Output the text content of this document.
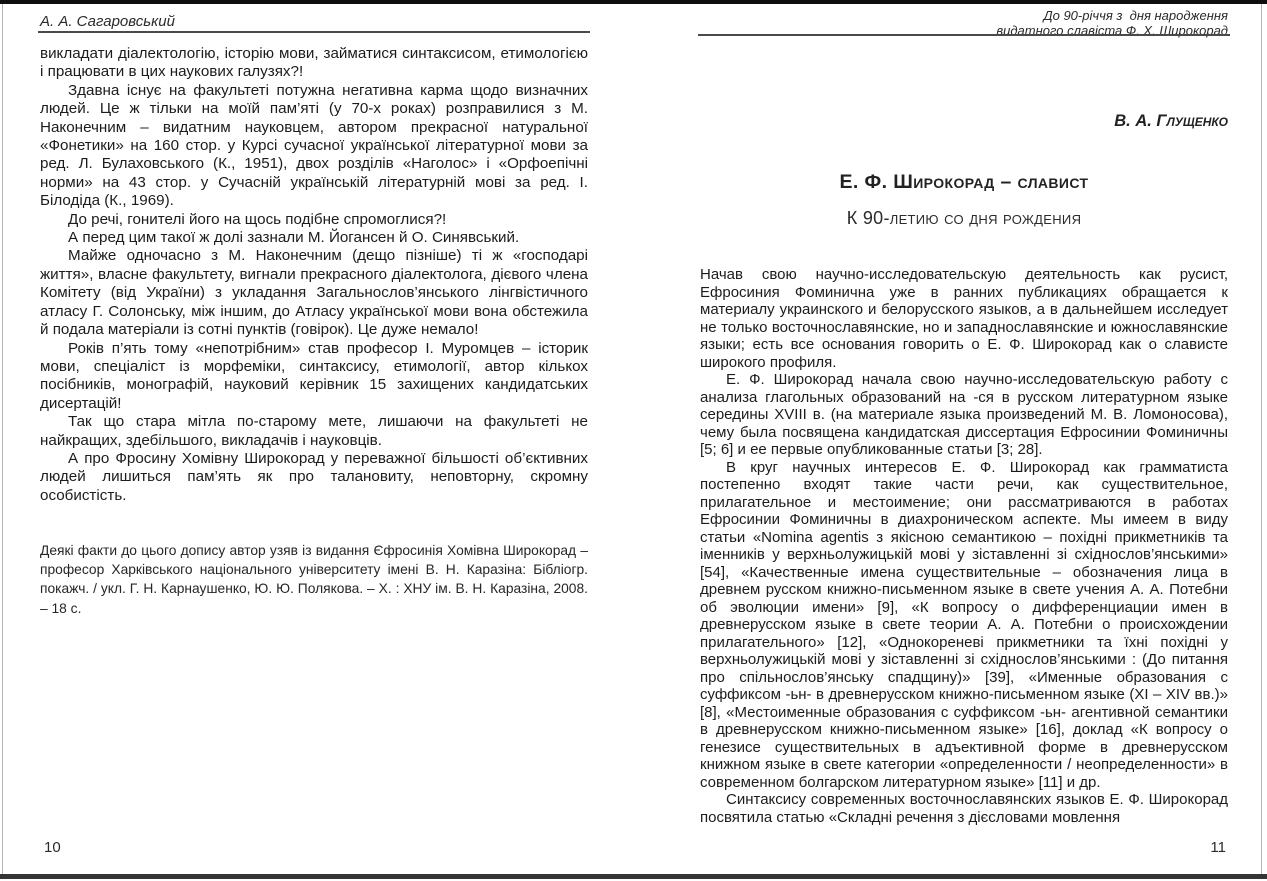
А. А. Сагаровський

викладати діалектологію, історію мови, займатися синтаксисом, етимологією і працювати в цих наукових галузях?!

Здавна існує на факультеті потужна негативна карма щодо визначних людей. Це ж тільки на моїй пам’яті (у 70-х роках) розправилися з М. Наконечним – видатним науковцем, автором прекрасної натуральної «Фонетики» на 160 стор. у Курсі сучасної української літературної мови за ред. Л. Булаховського (К., 1951), двох розділів «Наголос» і «Орфоепічні норми» на 43 стор. у Сучасній українській літературній мові за ред. І. Білодіда (К., 1969).

До речі, гонителі його на щось подібне спромоглися?!

А перед цим такої ж долі зазнали М. Йогансен й О. Синявський.

Майже одночасно з М. Наконечним (дещо пізніше) ті ж «господарі життя», власне факультету, вигнали прекрасного діалектолога, дієвого члена Комітету (від України) з укладання Загальнослов’янського лінгвістичного атласу Г. Солонську, між іншим, до Атласу української мови вона обстежила й подала матеріали із сотні пунктів (говірок). Це дуже немало!

Років п’ять тому «непотрібним» став професор І. Муромцев – історик мови, спеціаліст із морфеміки, синтаксису, етимології, автор кількох посібників, монографій, науковий керівник 15 захищених кандидатських дисертацій!

Так що стара мітла по-старому мете, лишаючи на факультеті не найкращих, здебільшого, викладачів і науковців.

А про Фросину Хомівну Широкорад у переважної більшості об’єктивних людей лишиться пам’ять як про талановиту, неповторну, скромну особистість.

Деякі факти до цього допису автор узяв із видання Єфросинія Хомівна Широкорад – професор Харківського національного університету імені В. Н. Каразіна: Бібліогр. покажч. / укл. Г. Н. Карнаушенко, Ю. Ю. Полякова. – Х. : ХНУ ім. В. Н. Каразіна, 2008. – 18 с.
10
До 90-річчя з  дня народження
видатного славіста Ф. Х. Широкорад
В. А. Глущенко
Е. Ф. Широкорад – славист
К 90-летию со дня рождения

Начав свою научно-исследовательскую деятельность как русист, Ефросиния Фоминична уже в ранних публикациях обращается к материалу украинского и белорусского языков, а в дальнейшем исследует не только восточнославянские, но и западнославянские и южнославянские языки; есть все основания говорить о Е. Ф. Широкорад как о слависте широкого профиля.

Е. Ф. Широкорад начала свою научно-исследовательскую работу с анализа глагольных образований на -ся в русском литературном языке середины XVIII в. (на материале языка произведений М. В. Ломоносова), чему была посвящена кандидатская диссертация Ефросинии Фоминичны [5; 6] и ее первые опубликованные статьи [3; 28].

В круг научных интересов Е. Ф. Широкорад как грамматиста постепенно входят такие части речи, как существительное, прилагательное и местоимение; они рассматриваются в работах Ефросинии Фоминичны в диахроническом аспекте. Мы имеем в виду статьи «Nomina agentis з якісною семантикою – похідні прикметників та іменників у верхньолужицькій мові у зіставленні зі східнослов’янськими» [54], «Качественные имена существительные – обозначения лица в древнем русском книжно-письменном языке в свете учения А. А. Потебни об эволюции имени» [9], «К вопросу о дифференциации имен в древнерусском языке в свете теории А. А. Потебни о происхождении прилагательного» [12], «Однокореневі прикметники та їхні похідні у верхньолужицькій мові у зіставленні зі східнослов’янськими : (До питання про спільнослов’янську спадщину)» [39], «Именные образования с суффиксом -ьн- в древнерусском книжно-письменном языке (XI – XIV вв.)» [8], «Местоименные образования с суффиксом -ьн- агентивной семантики в древнерусском книжно-письменном языке» [16], доклад «К вопросу о генезисе существительных в адъективной форме в древнерусском книжном языке в свете категории «определенности / неопределенности» в современном болгарском литературном языке» [11] и др.

Синтаксису современных восточнославянских языков Е. Ф. Широкорад посвятила статью «Складні речення з дієсловами мовлення

11
